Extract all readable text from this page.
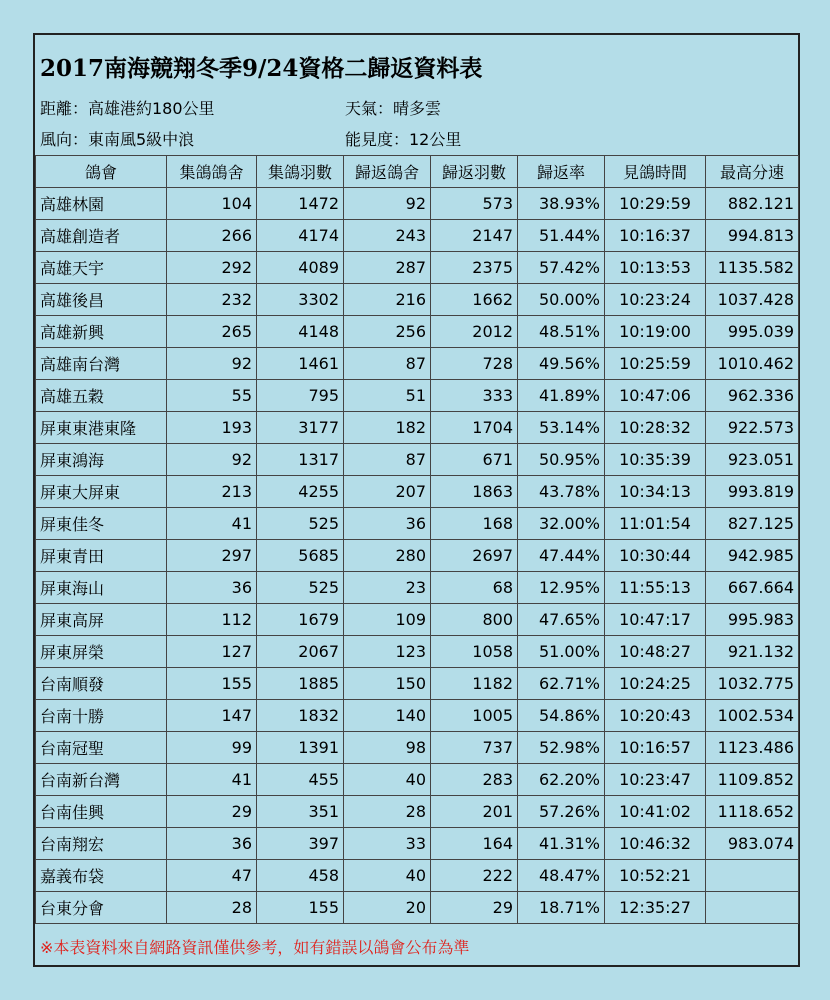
2017南海競翔冬季9/24資格二歸返資料表
距離：高雄港約180公里	天氣：晴多雲
風向：東南風5級中浪	能見度：12公里
鴿會	集鴿鴿舍	集鴿羽數	歸返鴿舍	歸返羽數	歸返率	見鴿時間	最高分速
高雄林園	104	1472	92	573	38.93%	10:29:59	882.121
高雄創造者	266	4174	243	2147	51.44%	10:16:37	994.813
高雄天宇	292	4089	287	2375	57.42%	10:13:53	1135.582
高雄後昌	232	3302	216	1662	50.00%	10:23:24	1037.428
高雄新興	265	4148	256	2012	48.51%	10:19:00	995.039
高雄南台灣	92	1461	87	728	49.56%	10:25:59	1010.462
高雄五穀	55	795	51	333	41.89%	10:47:06	962.336
屏東東港東隆	193	3177	182	1704	53.14%	10:28:32	922.573
屏東鴻海	92	1317	87	671	50.95%	10:35:39	923.051
屏東大屏東	213	4255	207	1863	43.78%	10:34:13	993.819
屏東佳冬	41	525	36	168	32.00%	11:01:54	827.125
屏東青田	297	5685	280	2697	47.44%	10:30:44	942.985
屏東海山	36	525	23	68	12.95%	11:55:13	667.664
屏東高屏	112	1679	109	800	47.65%	10:47:17	995.983
屏東屏榮	127	2067	123	1058	51.00%	10:48:27	921.132
台南順發	155	1885	150	1182	62.71%	10:24:25	1032.775
台南十勝	147	1832	140	1005	54.86%	10:20:43	1002.534
台南冠聖	99	1391	98	737	52.98%	10:16:57	1123.486
台南新台灣	41	455	40	283	62.20%	10:23:47	1109.852
台南佳興	29	351	28	201	57.26%	10:41:02	1118.652
台南翔宏	36	397	33	164	41.31%	10:46:32	983.074
嘉義布袋	47	458	40	222	48.47%	10:52:21	
台東分會	28	155	20	29	18.71%	12:35:27	
※本表資料來自網路資訊僅供參考，如有錯誤以鴿會公布為準
